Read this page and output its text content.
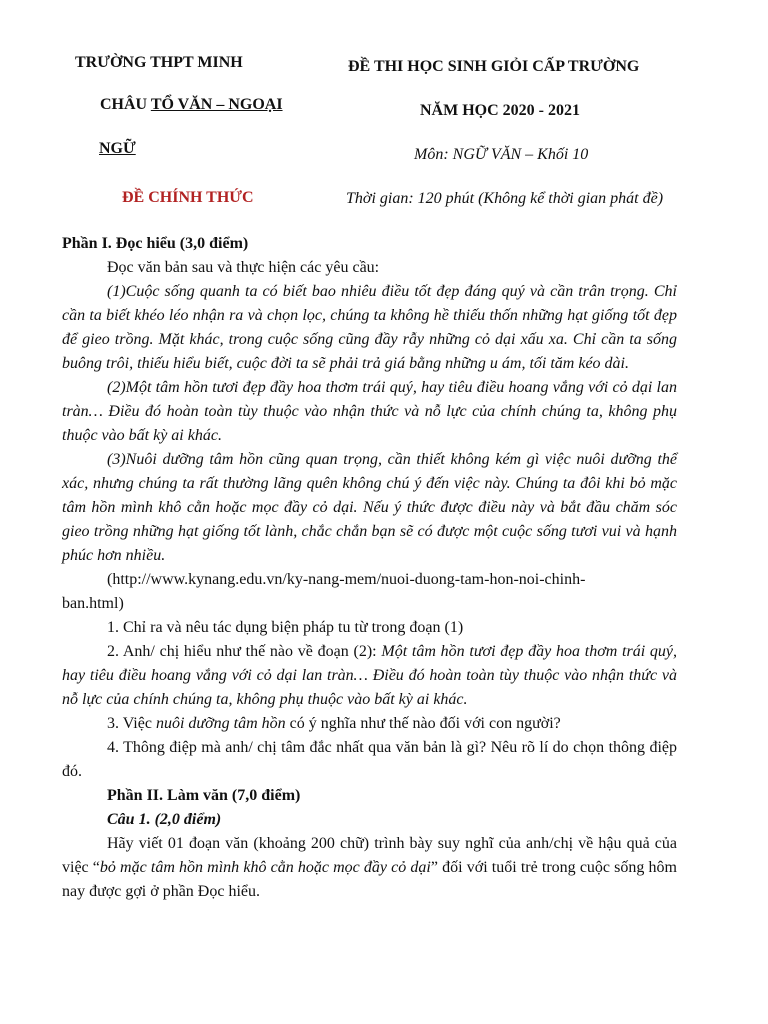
TRƯỜNG THPT MINH
CHÂU TỔ VĂN – NGOẠI
NGỮ
ĐỀ CHÍNH THỨC
ĐỀ THI HỌC SINH GIỎI CẤP TRƯỜNG
NĂM HỌC 2020 - 2021
Môn: NGỮ VĂN – Khối 10
Thời gian: 120 phút (Không kể thời gian phát đề)

Phần I. Đọc hiểu (3,0 điểm)

Đọc văn bản sau và thực hiện các yêu cầu:

(1)Cuộc sống quanh ta có biết bao nhiêu điều tốt đẹp đáng quý và cần trân trọng. Chỉ cần ta biết khéo léo nhận ra và chọn lọc, chúng ta không hề thiếu thốn những hạt giống tốt đẹp để gieo trồng. Mặt khác, trong cuộc sống cũng đầy rẫy những cỏ dại xấu xa. Chỉ cần ta sống buông trôi, thiếu hiểu biết, cuộc đời ta sẽ phải trả giá bằng những u ám, tối tăm kéo dài.

(2)Một tâm hồn tươi đẹp đầy hoa thơm trái quý, hay tiêu điều hoang vắng với cỏ dại lan tràn… Điều đó hoàn toàn tùy thuộc vào nhận thức và nỗ lực của chính chúng ta, không phụ thuộc vào bất kỳ ai khác.

(3)Nuôi dưỡng tâm hồn cũng quan trọng, cần thiết không kém gì việc nuôi dưỡng thể xác, nhưng chúng ta rất thường lãng quên không chú ý đến việc này. Chúng ta đôi khi bỏ mặc tâm hồn mình khô cằn hoặc mọc đầy cỏ dại. Nếu ý thức được điều này và bắt đầu chăm sóc gieo trồng những hạt giống tốt lành, chắc chắn bạn sẽ có được một cuộc sống tươi vui và hạnh phúc hơn nhiều.

(http://www.kynang.edu.vn/ky-nang-mem/nuoi-duong-tam-hon-noi-chinh-

ban.html)

1. Chỉ ra và nêu tác dụng biện pháp tu từ trong đoạn (1)

2. Anh/ chị hiểu như thế nào về đoạn (2): Một tâm hồn tươi đẹp đầy hoa thơm trái quý, hay tiêu điều hoang vắng với cỏ dại lan tràn… Điều đó hoàn toàn tùy thuộc vào nhận thức và nỗ lực của chính chúng ta, không phụ thuộc vào bất kỳ ai khác.

3. Việc nuôi dưỡng tâm hồn có ý nghĩa như thế nào đối với con người?

4. Thông điệp mà anh/ chị tâm đắc nhất qua văn bản là gì? Nêu rõ lí do chọn thông điệp đó.

Phần II. Làm văn (7,0 điểm)

Câu 1. (2,0 điểm)

Hãy viết 01 đoạn văn (khoảng 200 chữ) trình bày suy nghĩ của anh/chị về hậu quả của việc “bỏ mặc tâm hồn mình khô cằn hoặc mọc đầy cỏ dại” đối với tuổi trẻ trong cuộc sống hôm nay được gợi ở phần Đọc hiểu.
